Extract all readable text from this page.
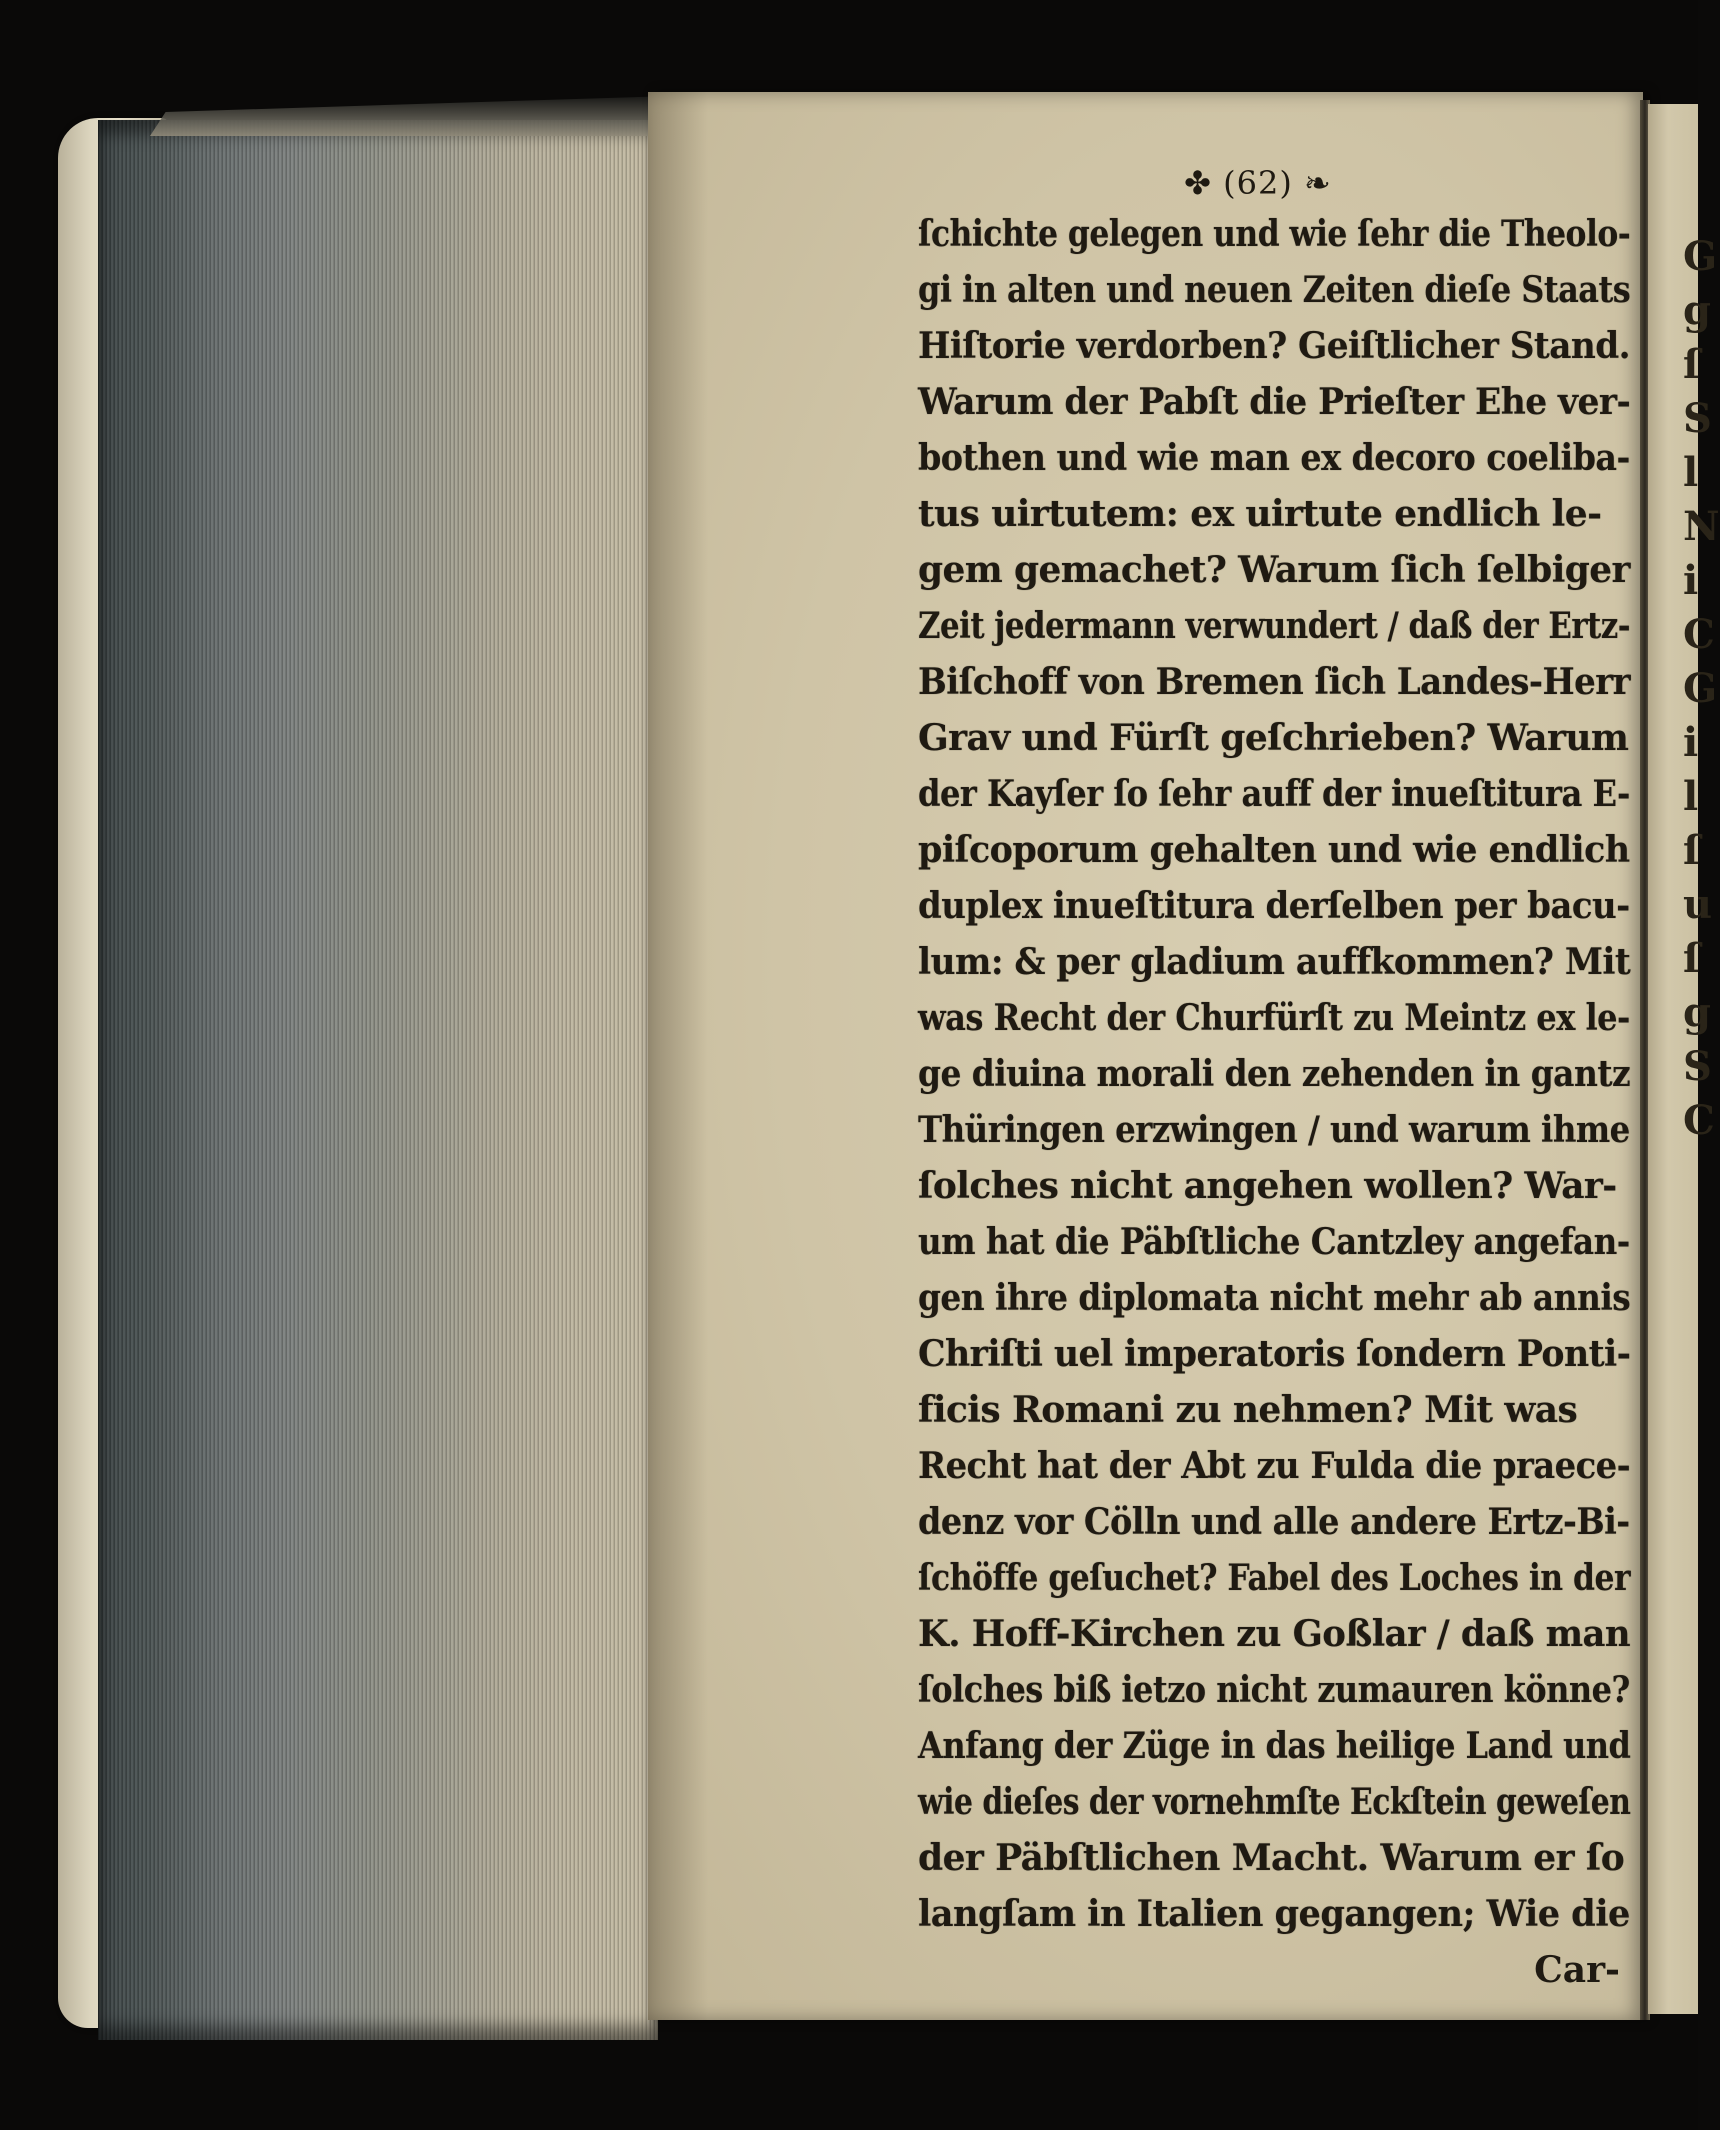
G
g
ſ
S
l
N
i
C
G
i
l
ſ
u
ſ
g
S
C
✤ (62) ❧
ſchichte gelegen und wie ſehr die Theolo-
gi in alten und neuen Zeiten dieſe Staats
Hiſtorie verdorben? Geiſtlicher Stand.
Warum der Pabſt die Prieſter Ehe ver-
bothen und wie man ex decoro coeliba-
tus uirtutem: ex uirtute endlich le-
gem gemachet? Warum ſich ſelbiger
Zeit jedermann verwundert / daß der Ertz-
Biſchoff von Bremen ſich Landes-Herr
Grav und Fürſt geſchrieben? Warum
der Kayſer ſo ſehr auff der inueſtitura E-
piſcoporum gehalten und wie endlich
duplex inueſtitura derſelben per bacu-
lum: & per gladium auffkommen? Mit
was Recht der Churfürſt zu Meintz ex le-
ge diuina morali den zehenden in gantz
Thüringen erzwingen / und warum ihme
ſolches nicht angehen wollen? War-
um hat die Päbſtliche Cantzley angefan-
gen ihre diplomata nicht mehr ab annis
Chriſti uel imperatoris ſondern Ponti-
ficis Romani zu nehmen? Mit was
Recht hat der Abt zu Fulda die praece-
denz vor Cölln und alle andere Ertz-Bi-
ſchöffe geſuchet? Fabel des Loches in der
K. Hoff-Kirchen zu Goßlar / daß man
ſolches biß ietzo nicht zumauren könne?
Anfang der Züge in das heilige Land und
wie dieſes der vornehmſte Eckſtein geweſen
der Päbſtlichen Macht. Warum er ſo
langſam in Italien gegangen; Wie die
Car-
